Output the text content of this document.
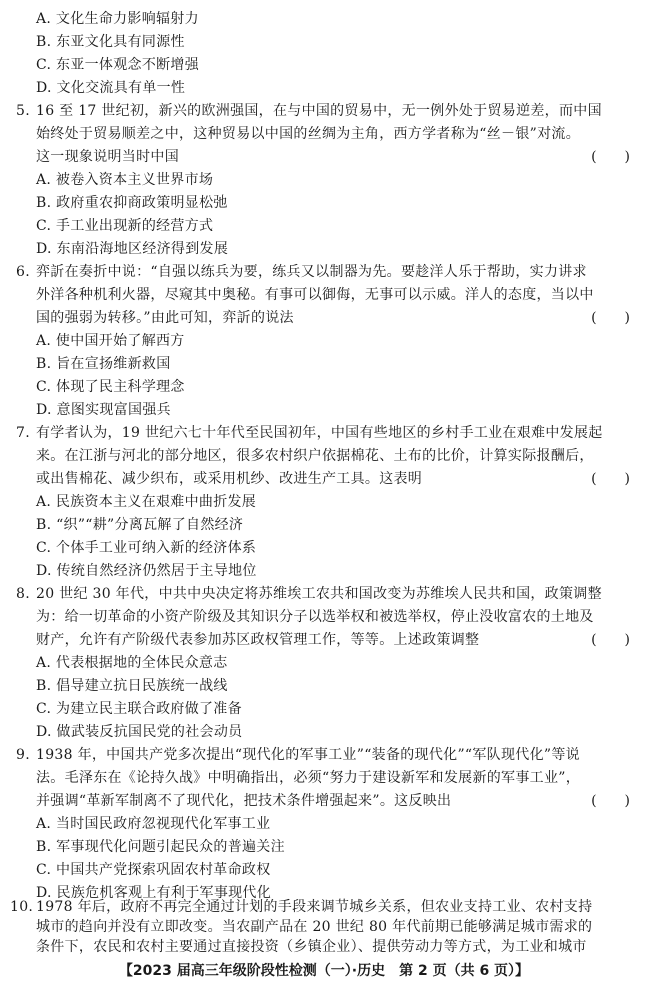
A. 文化生命力影响辐射力
B. 东亚文化具有同源性
C. 东亚一体观念不断增强
D. 文化交流具有单一性
5. 16 至 17 世纪初，新兴的欧洲强国，在与中国的贸易中，无一例外处于贸易逆差，而中国
始终处于贸易顺差之中，这种贸易以中国的丝绸为主角，西方学者称为“丝－银”对流。
这一现象说明当时中国	(　　)
A. 被卷入资本主义世界市场
B. 政府重农抑商政策明显松弛
C. 手工业出现新的经营方式
D. 东南沿海地区经济得到发展
6. 弈訢在奏折中说：“自强以练兵为要，练兵又以制器为先。要趁洋人乐于帮助，实力讲求
外洋各种机利火器，尽窥其中奥秘。有事可以御侮，无事可以示威。洋人的态度，当以中
国的强弱为转移。”由此可知，弈訢的说法	(　　)
A. 使中国开始了解西方
B. 旨在宣扬维新救国
C. 体现了民主科学理念
D. 意图实现富国强兵
7. 有学者认为，19 世纪六七十年代至民国初年，中国有些地区的乡村手工业在艰难中发展起
来。在江浙与河北的部分地区，很多农村织户依据棉花、土布的比价，计算实际报酬后，
或出售棉花、减少织布，或采用机纱、改进生产工具。这表明	(　　)
A. 民族资本主义在艰难中曲折发展
B. “织”“耕”分离瓦解了自然经济
C. 个体手工业可纳入新的经济体系
D. 传统自然经济仍然居于主导地位
8. 20 世纪 30 年代，中共中央决定将苏维埃工农共和国改变为苏维埃人民共和国，政策调整
为：给一切革命的小资产阶级及其知识分子以选举权和被选举权，停止没收富农的土地及
财产，允许有产阶级代表参加苏区政权管理工作，等等。上述政策调整	(　　)
A. 代表根据地的全体民众意志
B. 倡导建立抗日民族统一战线
C. 为建立民主联合政府做了准备
D. 做武装反抗国民党的社会动员
9. 1938 年，中国共产党多次提出“现代化的军事工业”“装备的现代化”“军队现代化”等说
法。毛泽东在《论持久战》中明确指出，必须“努力于建设新军和发展新的军事工业”，
并强调“革新军制离不了现代化，把技术条件增强起来”。这反映出	(　　)
A. 当时国民政府忽视现代化军事工业
B. 军事现代化问题引起民众的普遍关注
C. 中国共产党探索巩固农村革命政权
D. 民族危机客观上有利于军事现代化
10. 1978 年后，政府不再完全通过计划的手段来调节城乡关系，但农业支持工业、农村支持
城市的趋向并没有立即改变。当农副产品在 20 世纪 80 年代前期已能够满足城市需求的
条件下，农民和农村主要通过直接投资（乡镇企业）、提供劳动力等方式，为工业和城市
【2023 届高三年级阶段性检测（一）·历史　第 2 页（共 6 页）】
